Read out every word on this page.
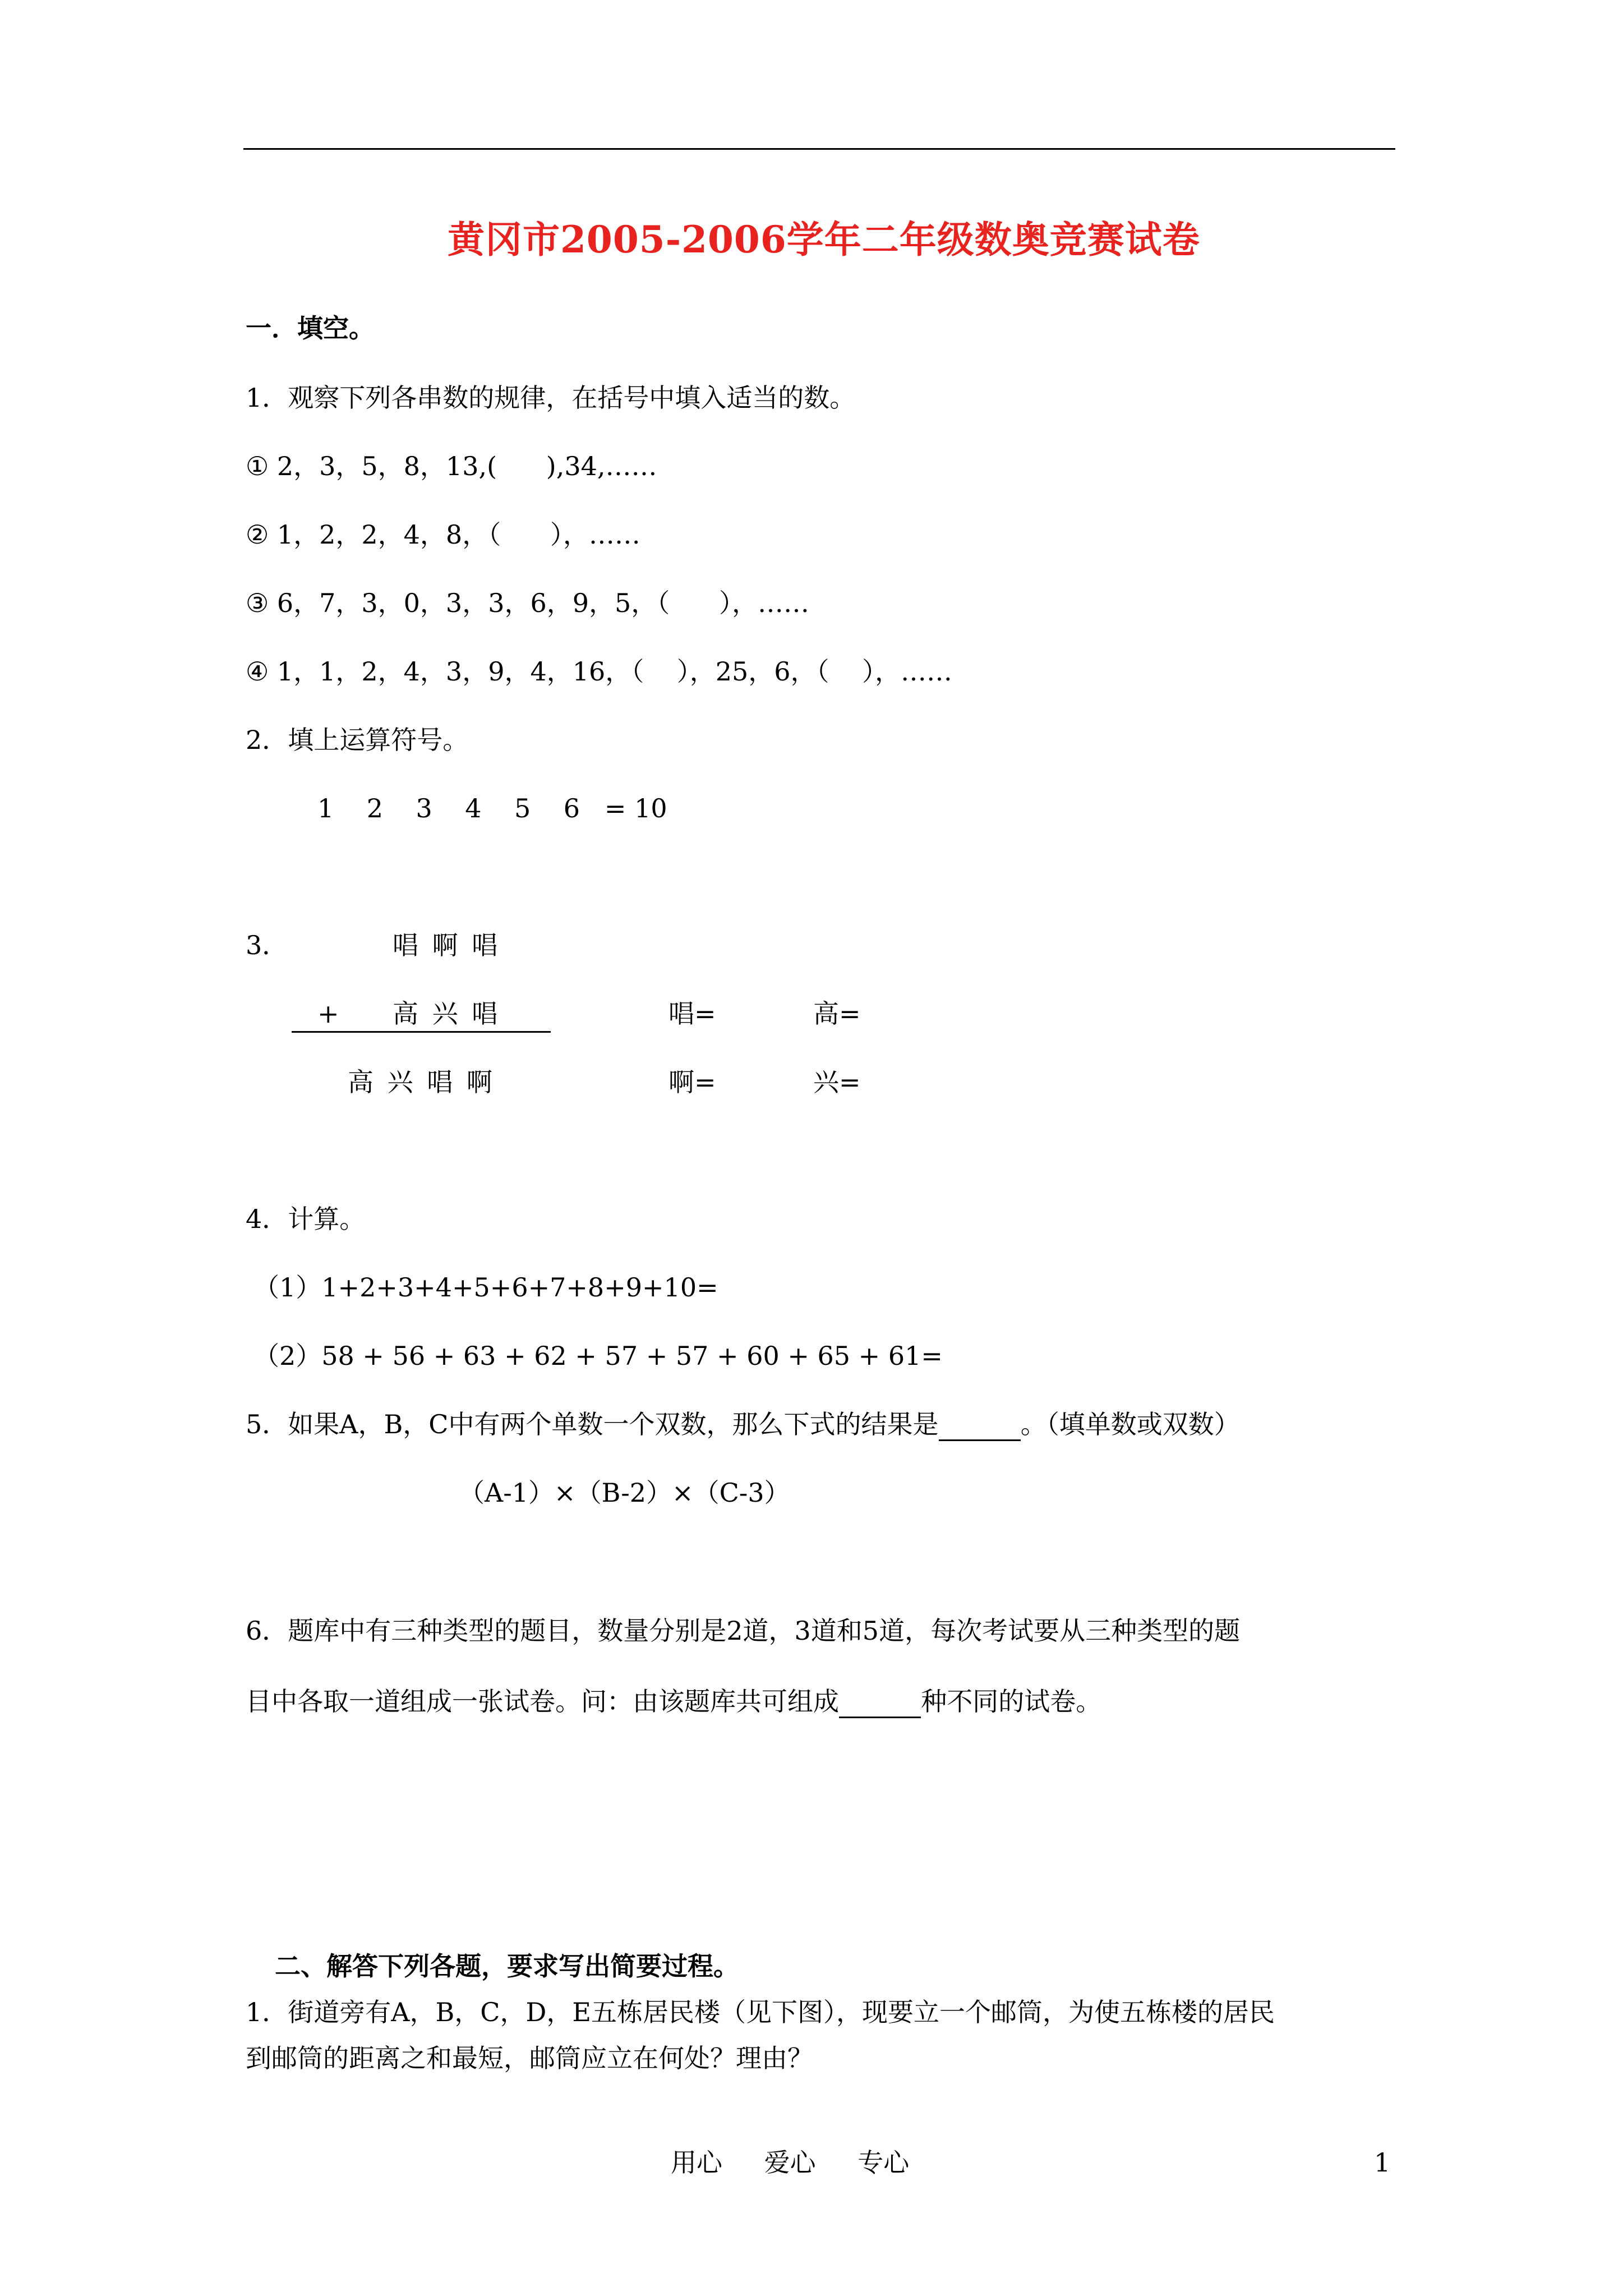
黄冈市2005-2006学年二年级数奥竞赛试卷
一．填空。
1．观察下列各串数的规律，在括号中填入适当的数。
① 2，3，5，8，13,(      ),34,……
② 1，2，2，4，8，（      ），……
③ 6，7，3，0，3，3，6，9，5，（      ），……
④ 1，1，2，4，3，9，4，16，（    ），25，6，（    ），……
2．填上运算符号。
1    2    3    4    5    6   = 10
3．	唱 啊 唱
+ 高 兴 唱
高 兴 唱 啊
唱=	高=
啊=	兴=
4．计算。
（1）1+2+3+4+5+6+7+8+9+10=
（2）58 + 56 + 63 + 62 + 57 + 57 + 60 + 65 + 61=
5．如果A，B，C中有两个单数一个双数，那么下式的结果是	。（填单数或双数）
（A-1）×（B-2）×（C-3）
6．题库中有三种类型的题目，数量分别是2道，3道和5道，每次考试要从三种类型的题
目中各取一道组成一张试卷。问：由该题库共可组成	种不同的试卷。
二、解答下列各题，要求写出简要过程。
1．街道旁有A，B，C，D，E五栋居民楼（见下图），现要立一个邮筒，为使五栋楼的居民
到邮筒的距离之和最短，邮筒应立在何处？理由？
用心 爱心 专心	1
